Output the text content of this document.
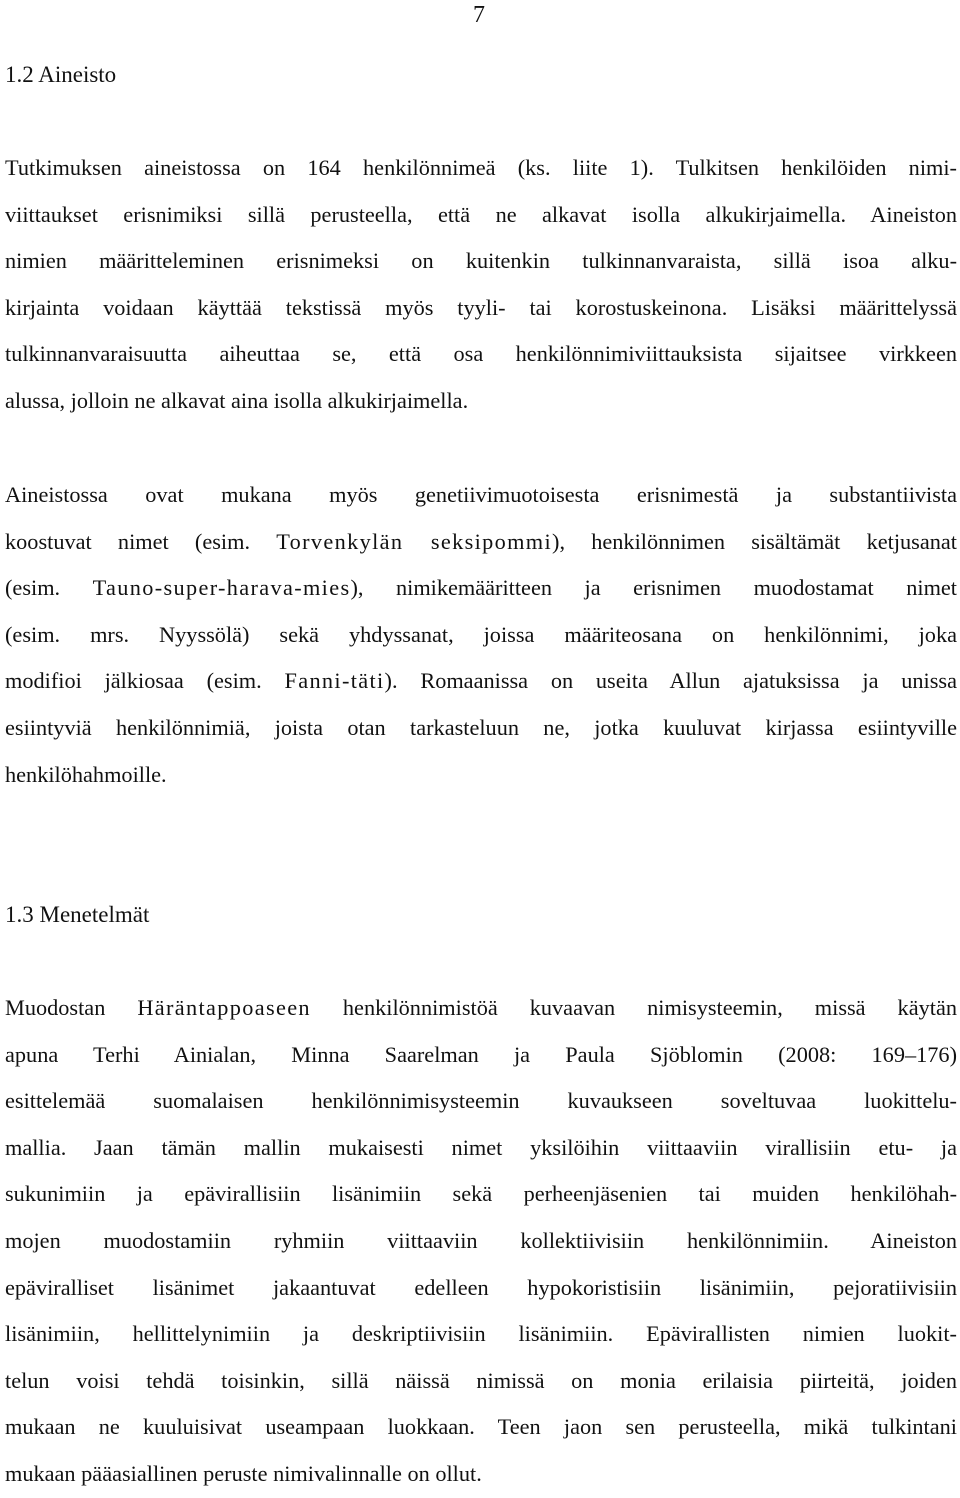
7
1.2 Aineisto
Tutkimuksen aineistossa on 164 henkilönnimeä (ks. liite 1). Tulkitsen henkilöiden nimi-
viittaukset erisnimiksi sillä perusteella, että ne alkavat isolla alkukirjaimella. Aineiston
nimien määritteleminen erisnimeksi on kuitenkin tulkinnanvaraista, sillä isoa alku-
kirjainta voidaan käyttää tekstissä myös tyyli- tai korostuskeinona. Lisäksi määrittelyssä
tulkinnanvaraisuutta aiheuttaa se, että osa henkilönnimiviittauksista sijaitsee virkkeen
alussa, jolloin ne alkavat aina isolla alkukirjaimella.
Aineistossa ovat mukana myös genetiivimuotoisesta erisnimestä ja substantiivista
koostuvat nimet (esim. Torvenkylän seksipommi), henkilönnimen sisältämät ketjusanat
(esim. Tauno-super-harava-mies), nimikemääritteen ja erisnimen muodostamat nimet
(esim. mrs. Nyyssölä) sekä yhdyssanat, joissa määriteosana on henkilönnimi, joka
modifioi jälkiosaa (esim. Fanni-täti). Romaanissa on useita Allun ajatuksissa ja unissa
esiintyviä henkilönnimiä, joista otan tarkasteluun ne, jotka kuuluvat kirjassa esiintyville
henkilöhahmoille.
1.3 Menetelmät
Muodostan Häräntappoaseen henkilönnimistöä kuvaavan nimisysteemin, missä käytän
apuna Terhi Ainialan, Minna Saarelman ja Paula Sjöblomin (2008: 169–176)
esittelemää suomalaisen henkilönnimisysteemin kuvaukseen soveltuvaa luokittelu-
mallia. Jaan tämän mallin mukaisesti nimet yksilöihin viittaaviin virallisiin etu- ja
sukunimiin ja epävirallisiin lisänimiin sekä perheenjäsenien tai muiden henkilöhah-
mojen muodostamiin ryhmiin viittaaviin kollektiivisiin henkilönnimiin. Aineiston
epäviralliset lisänimet jakaantuvat edelleen hypokoristisiin lisänimiin, pejoratiivisiin
lisänimiin, hellittelynimiin ja deskriptiivisiin lisänimiin. Epävirallisten nimien luokit-
telun voisi tehdä toisinkin, sillä näissä nimissä on monia erilaisia piirteitä, joiden
mukaan ne kuuluisivat useampaan luokkaan. Teen jaon sen perusteella, mikä tulkintani
mukaan pääasiallinen peruste nimivalinnalle on ollut.
